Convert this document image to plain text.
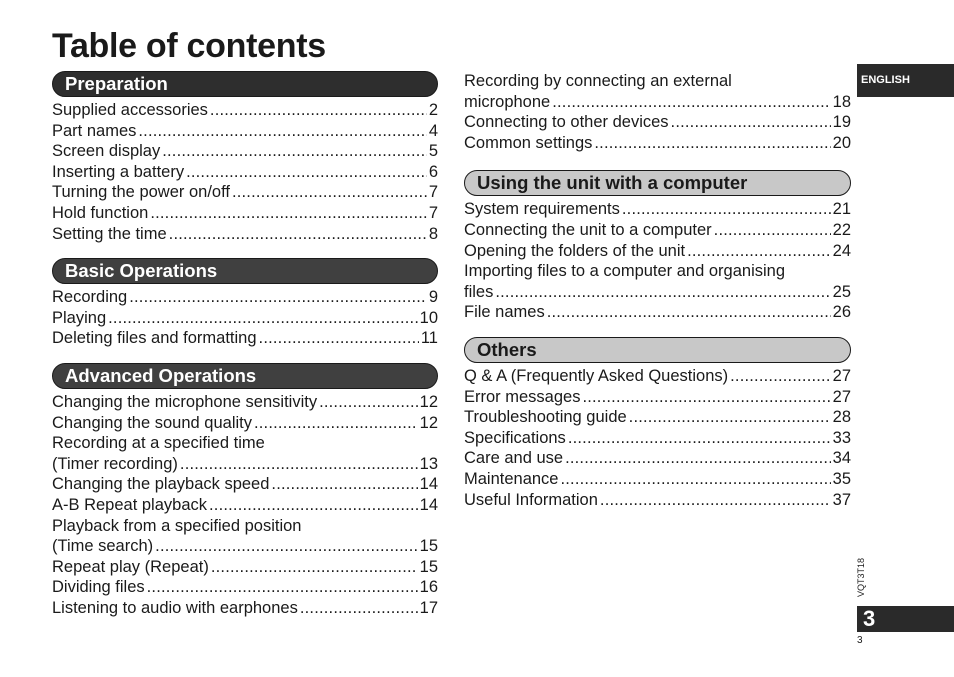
Table of contents
Preparation
Supplied accessories .....	2
Part names .....	4
Screen display .....	5
Inserting a battery .....	6
Turning the power on/off .....	7
Hold function .....	7
Setting the time .....	8
Basic Operations
Recording .....	9
Playing .....	10
Deleting files and formatting .....	11
Advanced Operations
Changing the microphone sensitivity .....	12
Changing the sound quality .....	12
Recording at a specified time
(Timer recording) .....	13
Changing the playback speed .....	14
A-B Repeat playback .....	14
Playback from a specified position
(Time search) .....	15
Repeat play (Repeat) .....	15
Dividing files .....	16
Listening to audio with earphones .....	17
Recording by connecting an external
microphone .....	18
Connecting to other devices .....	19
Common settings .....	20
Using the unit with a computer
System requirements .....	21
Connecting the unit to a computer .....	22
Opening the folders of the unit .....	24
Importing files to a computer and organising
files .....	25
File names .....	26
Others
Q & A (Frequently Asked Questions) .....	27
Error messages .....	27
Troubleshooting guide .....	28
Specifications .....	33
Care and use .....	34
Maintenance .....	35
Useful Information .....	37
ENGLISH
VQT3T18
3
3
